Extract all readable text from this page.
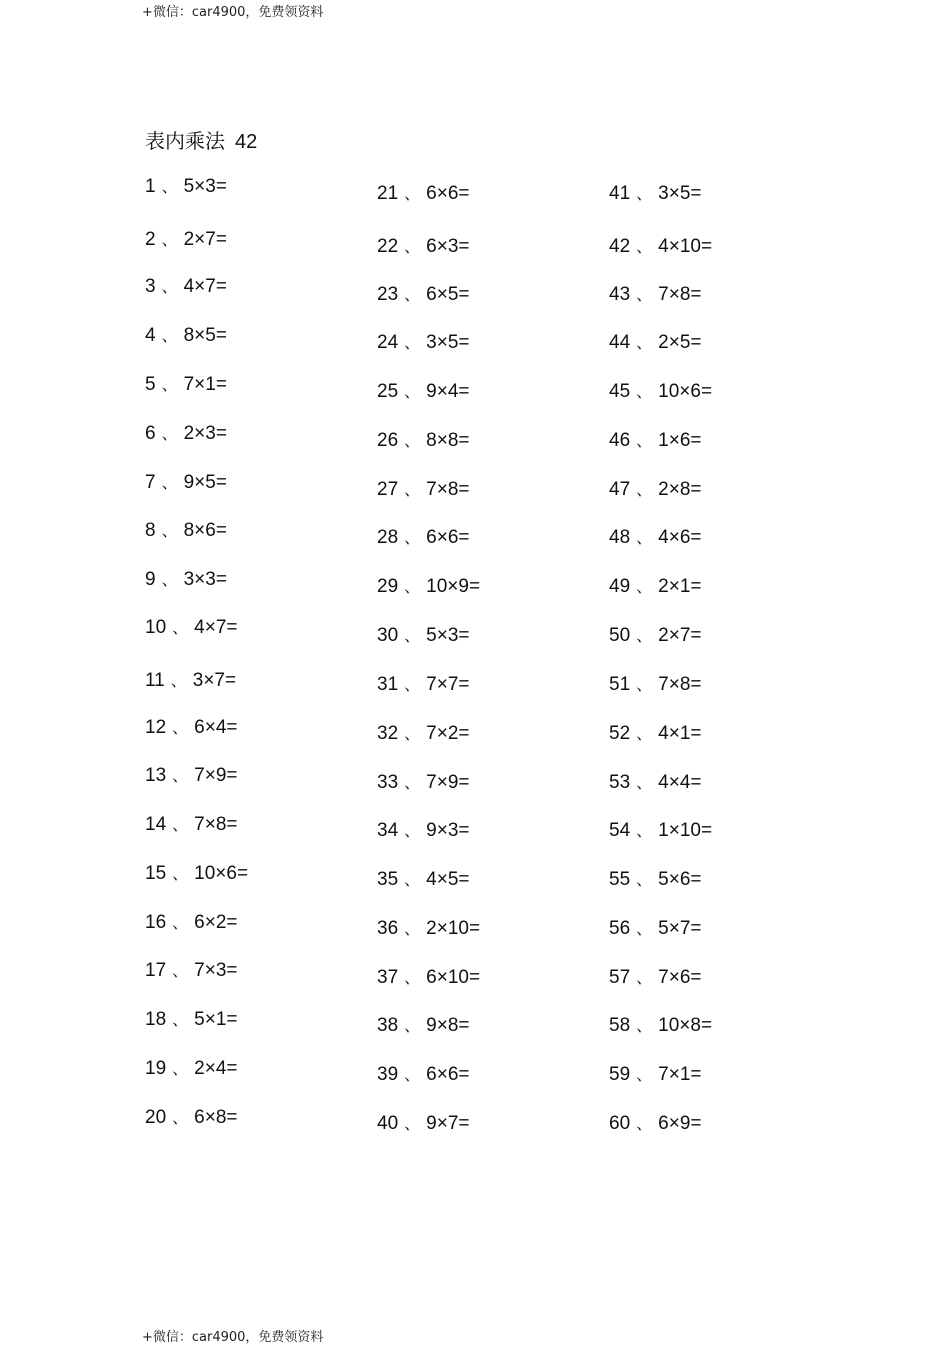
+微信：car4900，免费领资料
表内乘法 42
1 、 5×3=
2 、 2×7=
3 、 4×7=
4 、 8×5=
5 、 7×1=
6 、 2×3=
7 、 9×5=
8 、 8×6=
9 、 3×3=
10 、 4×7=
11 、 3×7=
12 、 6×4=
13 、 7×9=
14 、 7×8=
15 、 10×6=
16 、 6×2=
17 、 7×3=
18 、 5×1=
19 、 2×4=
20 、 6×8=
21 、 6×6=
22 、 6×3=
23 、 6×5=
24 、 3×5=
25 、 9×4=
26 、 8×8=
27 、 7×8=
28 、 6×6=
29 、 10×9=
30 、 5×3=
31 、 7×7=
32 、 7×2=
33 、 7×9=
34 、 9×3=
35 、 4×5=
36 、 2×10=
37 、 6×10=
38 、 9×8=
39 、 6×6=
40 、 9×7=
41 、 3×5=
42 、 4×10=
43 、 7×8=
44 、 2×5=
45 、 10×6=
46 、 1×6=
47 、 2×8=
48 、 4×6=
49 、 2×1=
50 、 2×7=
51 、 7×8=
52 、 4×1=
53 、 4×4=
54 、 1×10=
55 、 5×6=
56 、 5×7=
57 、 7×6=
58 、 10×8=
59 、 7×1=
60 、 6×9=
+微信：car4900，免费领资料
